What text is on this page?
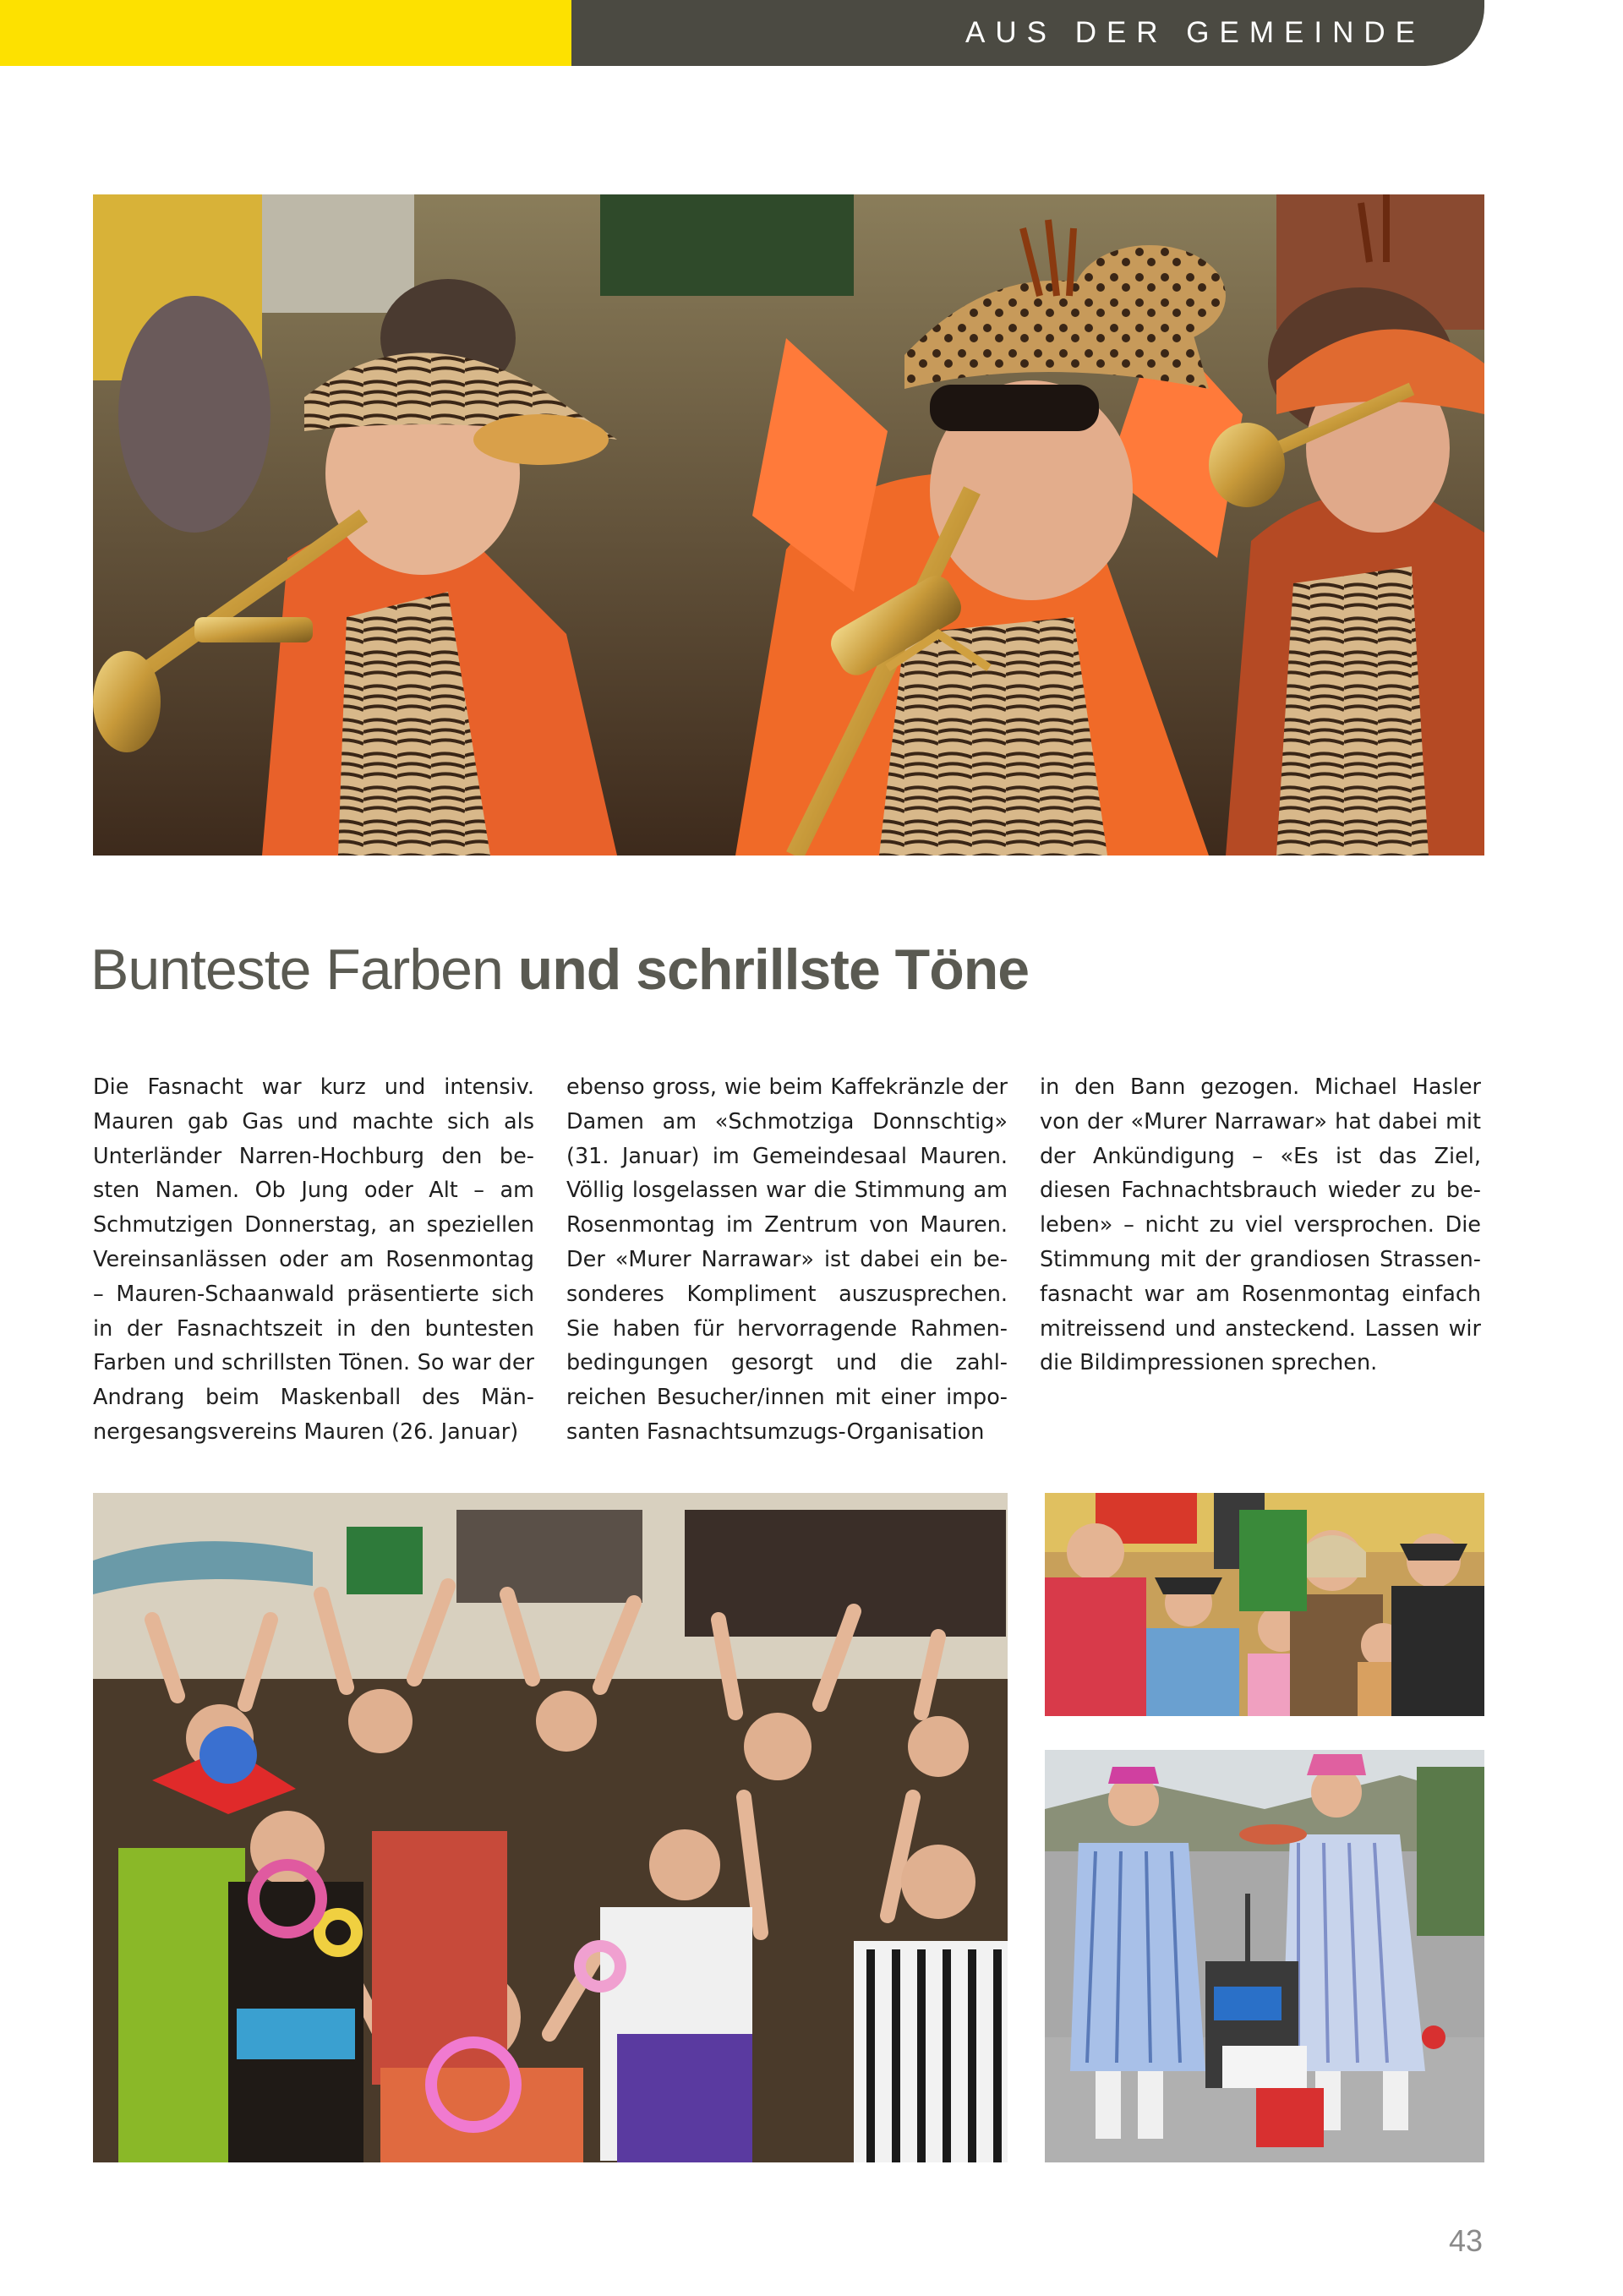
AUS DER GEMEINDE
Bunteste Farben und schrillste Töne
Die Fasnacht war kurz und intensiv. Mauren gab Gas und machte sich als Unterländer Narren-Hochburg den besten Namen. Ob Jung oder Alt – am Schmutzigen Donnerstag, an speziellen Vereinsanlässen oder am Rosenmontag – Mauren-Schaanwald präsentierte sich in der Fasnachtszeit in den buntesten Farben und schrillsten Tönen. So war der Andrang beim Maskenball des Männergesangsvereins Mauren (26. Januar)
ebenso gross, wie beim Kaffekränzle der Damen am «Schmotziga Donnschtig» (31. Januar) im Gemeindesaal Mauren. Völlig losgelassen war die Stimmung am Rosenmontag im Zentrum von Mauren. Der «Murer Narrawar» ist dabei ein besonderes Kompliment auszusprechen. Sie haben für hervorragende Rahmenbedingungen gesorgt und die zahlreichen Besucher/innen mit einer imposanten Fasnachtsumzugs-Organisation
in den Bann gezogen. Michael Hasler von der «Murer Narrawar» hat dabei mit der Ankündigung – «Es ist das Ziel, diesen Fachnachtsbrauch wieder zu beleben» – nicht zu viel versprochen. Die Stimmung mit der grandiosen Strassenfasnacht war am Rosenmontag einfach mitreissend und ansteckend. Lassen wir die Bildimpressionen sprechen.
43
